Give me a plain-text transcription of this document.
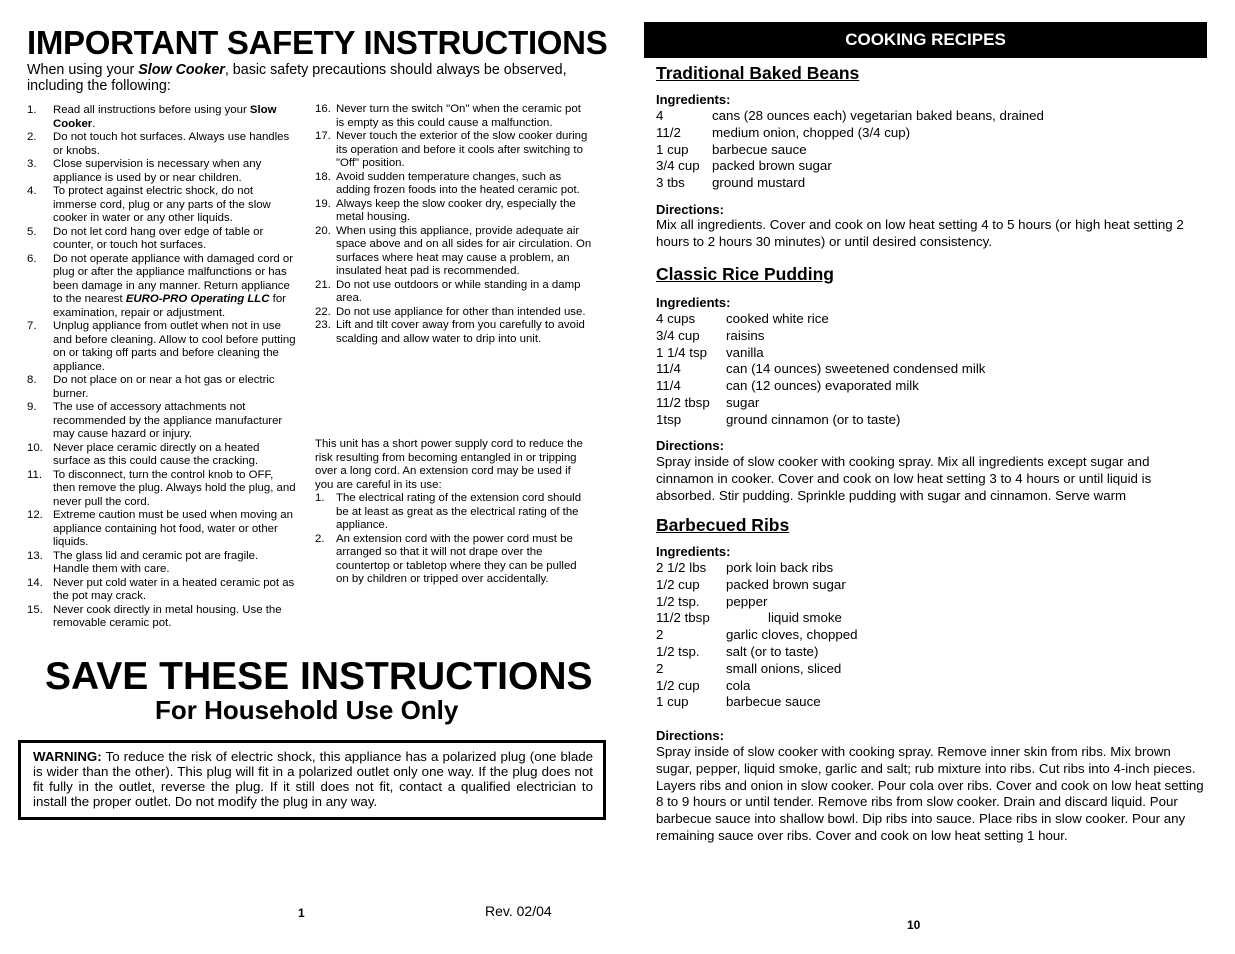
IMPORTANT SAFETY INSTRUCTIONS
When using your Slow Cooker, basic safety precautions should always be observed, including the following:
1. Read all instructions before using your Slow Cooker.
2. Do not touch hot surfaces. Always use handles or knobs.
3. Close supervision is necessary when any appliance is used by or near children.
4. To protect against electric shock, do not immerse cord, plug or any parts of the slow cooker in water or any other liquids.
5. Do not let cord hang over edge of table or counter, or touch hot surfaces.
6. Do not operate appliance with damaged cord or plug or after the appliance malfunctions or has been damage in any manner. Return appliance to the nearest EURO-PRO Operating LLC for examination, repair or adjustment.
7. Unplug appliance from outlet when not in use and before cleaning. Allow to cool before putting on or taking off parts and before cleaning the appliance.
8. Do not place on or near a hot gas or electric burner.
9. The use of accessory attachments not recommended by the appliance manufacturer may cause hazard or injury.
10. Never place ceramic directly on a heated surface as this could cause the cracking.
11. To disconnect, turn the control knob to OFF, then remove the plug. Always hold the plug, and never pull the cord.
12. Extreme caution must be used when moving an appliance containing hot food, water or other liquids.
13. The glass lid and ceramic pot are fragile. Handle them with care.
14. Never put cold water in a heated ceramic pot as the pot may crack.
15. Never cook directly in metal housing. Use the removable ceramic pot.
16. Never turn the switch "On" when the ceramic pot is empty as this could cause a malfunction.
17. Never touch the exterior of the slow cooker during its operation and before it cools after switching to "Off" position.
18. Avoid sudden temperature changes, such as adding frozen foods into the heated ceramic pot.
19. Always keep the slow cooker dry, especially the metal housing.
20. When using this appliance, provide adequate air space above and on all sides for air circulation. On surfaces where heat may cause a problem, an insulated heat pad is recommended.
21. Do not use outdoors or while standing in a damp area.
22. Do not use appliance for other than intended use.
23. Lift and tilt cover away from you carefully to avoid scalding and allow water to drip into unit.
This unit has a short power supply cord to reduce the risk resulting from becoming entangled in or tripping over a long cord. An extension cord may be used if you are careful in its use:
1. The electrical rating of the extension cord should be at least as great as the electrical rating of the appliance.
2. An extension cord with the power cord must be arranged so that it will not drape over the countertop or tabletop where they can be pulled on by children or tripped over accidentally.
SAVE THESE INSTRUCTIONS
For Household Use Only
WARNING: To reduce the risk of electric shock, this appliance has a polarized plug (one blade is wider than the other). This plug will fit in a polarized outlet only one way. If the plug does not fit fully in the outlet, reverse the plug. If it still does not fit, contact a qualified electrician to install the proper outlet. Do not modify the plug in any way.
1	Rev. 02/04
COOKING RECIPES
Traditional Baked Beans
Ingredients:
4	cans (28 ounces each) vegetarian baked beans, drained
11/2 medium onion, chopped (3/4 cup)
1 cup barbecue sauce
3/4 cup packed brown sugar
3 tbs ground mustard
Directions:
Mix all ingredients. Cover and cook on low heat setting 4 to 5 hours (or high heat setting 2 hours to 2 hours 30 minutes) or until desired consistency.
Classic Rice Pudding
Ingredients:
4 cups cooked white rice
3/4 cup raisins
1 1/4 tsp vanilla
11/4	can (14 ounces) sweetened condensed milk
11/4	can (12 ounces) evaporated milk
11/2 tbsp sugar
1tsp	ground cinnamon (or to taste)
Directions:
Spray inside of slow cooker with cooking spray. Mix all ingredients except sugar and cinnamon in cooker. Cover and cook on low heat setting 3 to 4 hours or until liquid is absorbed. Stir pudding. Sprinkle pudding with sugar and cinnamon. Serve warm
Barbecued Ribs
Ingredients:
2 1/2 lbs pork loin back ribs
1/2 cup packed brown sugar
1/2 tsp. pepper
11/2 tbsp	liquid smoke
2	garlic cloves, chopped
1/2 tsp. salt (or to taste)
2	small onions, sliced
1/2 cup cola
1 cup	barbecue sauce
Directions:
Spray inside of slow cooker with cooking spray. Remove inner skin from ribs. Mix brown sugar, pepper, liquid smoke, garlic and salt; rub mixture into ribs. Cut ribs into 4-inch pieces. Layers ribs and onion in slow cooker. Pour cola over ribs. Cover and cook on low heat setting 8 to 9 hours or until tender. Remove ribs from slow cooker. Drain and discard liquid. Pour barbecue sauce into shallow bowl. Dip ribs into sauce. Place ribs in slow cooker. Pour any remaining sauce over ribs. Cover and cook on low heat setting 1 hour.
10
